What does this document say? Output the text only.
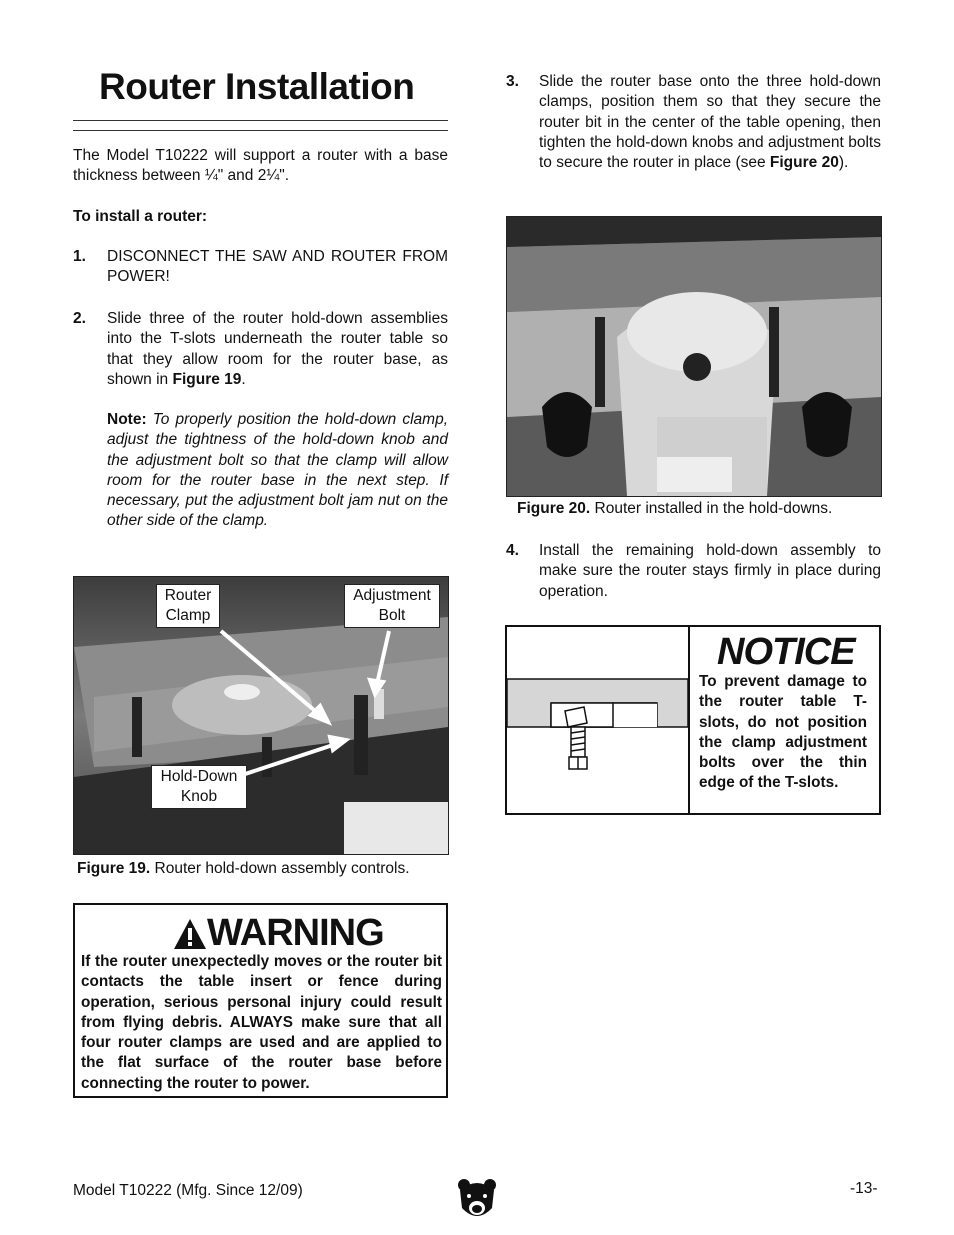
Router Installation
The Model T10222 will support a router with a base thickness between ¼" and 2¼".
To install a router:
1. DISCONNECT THE SAW AND ROUTER FROM POWER!
2. Slide three of the router hold-down assemblies into the T-slots underneath the router table so that they allow room for the router base, as shown in Figure 19.
Note: To properly position the hold-down clamp, adjust the tightness of the hold-down knob and the adjustment bolt so that the clamp will allow room for the router base in the next step. If necessary, put the adjustment bolt jam nut on the other side of the clamp.
Router
Clamp
Adjustment
Bolt
Hold-Down
Knob
Figure 19. Router hold-down assembly controls.
WARNING
If the router unexpectedly moves or the router bit contacts the table insert or fence during operation, serious personal injury could result from flying debris. ALWAYS make sure that all four router clamps are used and are applied to the flat surface of the router base before connecting the router to power.
3. Slide the router base onto the three hold-down clamps, position them so that they secure the router bit in the center of the table opening, then tighten the hold-down knobs and adjustment bolts to secure the router in place (see Figure 20).
Figure 20. Router installed in the hold-downs.
4. Install the remaining hold-down assembly to make sure the router stays firmly in place during operation.
NOTICE
To prevent damage to the router table T-slots, do not position the clamp adjustment bolts over the thin edge of the T-slots.
Model T10222 (Mfg. Since 12/09)	-13-
